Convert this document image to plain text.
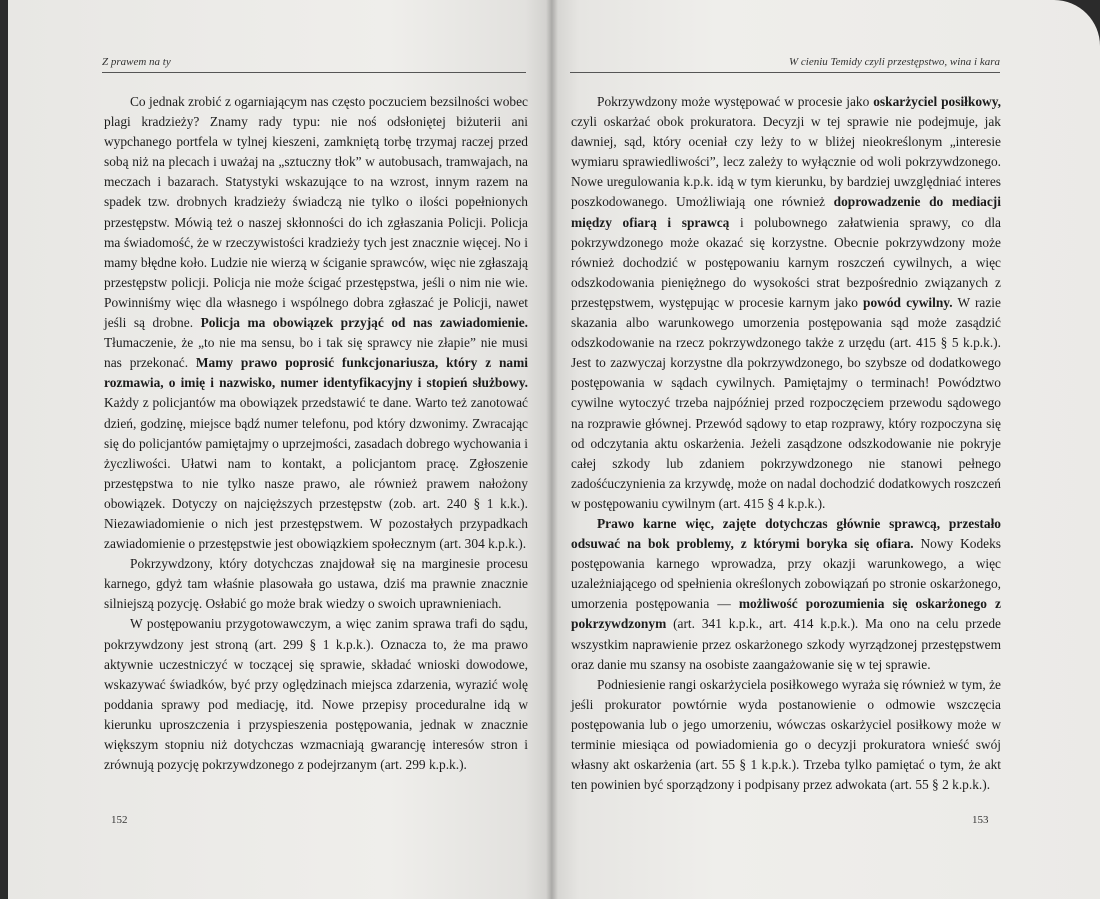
Z prawem na ty

Co jednak zrobić z ogarniającym nas często poczuciem bezsilności wobec plagi kradzieży? Znamy rady typu: nie noś odsłoniętej biżuterii ani wypchanego portfela w tylnej kieszeni, zamkniętą torbę trzymaj raczej przed sobą niż na plecach i uważaj na „sztuczny tłok” w autobusach, tramwajach, na meczach i bazarach. Statystyki wskazujące to na wzrost, innym razem na spadek tzw. drobnych kradzieży świadczą nie tylko o ilości popełnionych przestępstw. Mówią też o naszej skłonności do ich zgłaszania Policji. Policja ma świadomość, że w rzeczywistości kradzieży tych jest znacznie więcej. No i mamy błędne koło. Ludzie nie wierzą w ściganie sprawców, więc nie zgłaszają przestępstw policji. Policja nie może ścigać przestępstwa, jeśli o nim nie wie. Powinniśmy więc dla własnego i wspólnego dobra zgłaszać je Policji, nawet jeśli są drobne. Policja ma obowiązek przyjąć od nas zawiadomienie. Tłumaczenie, że „to nie ma sensu, bo i tak się sprawcy nie złapie” nie musi nas przekonać. Mamy prawo poprosić funkcjonariusza, który z nami rozmawia, o imię i nazwisko, numer identyfikacyjny i stopień służbowy. Każdy z policjantów ma obowiązek przedstawić te dane. Warto też zanotować dzień, godzinę, miejsce bądź numer telefonu, pod który dzwonimy. Zwracając się do policjantów pamiętajmy o uprzejmości, zasadach dobrego wychowania i życzliwości. Ułatwi nam to kontakt, a policjantom pracę. Zgłoszenie przestępstwa to nie tylko nasze prawo, ale również prawem nałożony obowiązek. Dotyczy on najcięższych przestępstw (zob. art. 240 § 1 k.k.). Niezawiadomienie o nich jest przestępstwem. W pozostałych przypadkach zawiadomienie o przestępstwie jest obowiązkiem społecznym (art. 304 k.p.k.).

Pokrzywdzony, który dotychczas znajdował się na marginesie procesu karnego, gdyż tam właśnie plasowała go ustawa, dziś ma prawnie znacznie silniejszą pozycję. Osłabić go może brak wiedzy o swoich uprawnieniach.

W postępowaniu przygotowawczym, a więc zanim sprawa trafi do sądu, pokrzywdzony jest stroną (art. 299 § 1 k.p.k.). Oznacza to, że ma prawo aktywnie uczestniczyć w toczącej się sprawie, składać wnioski dowodowe, wskazywać świadków, być przy oględzinach miejsca zdarzenia, wyrazić wolę poddania sprawy pod mediację, itd. Nowe przepisy proceduralne idą w kierunku uproszczenia i przyspieszenia postępowania, jednak w znacznie większym stopniu niż dotychczas wzmacniają gwarancję interesów stron i zrównują pozycję pokrzywdzonego z podejrzanym (art. 299 k.p.k.).

152
W cieniu Temidy czyli przestępstwo, wina i kara

Pokrzywdzony może występować w procesie jako oskarżyciel posiłkowy, czyli oskarżać obok prokuratora. Decyzji w tej sprawie nie podejmuje, jak dawniej, sąd, który oceniał czy leży to w bliżej nieokreślonym „interesie wymiaru sprawiedliwości”, lecz zależy to wyłącznie od woli pokrzywdzonego. Nowe uregulowania k.p.k. idą w tym kierunku, by bardziej uwzględniać interes poszkodowanego. Umożliwiają one również doprowadzenie do mediacji między ofiarą i sprawcą i polubownego załatwienia sprawy, co dla pokrzywdzonego może okazać się korzystne. Obecnie pokrzywdzony może również dochodzić w postępowaniu karnym roszczeń cywilnych, a więc odszkodowania pieniężnego do wysokości strat bezpośrednio związanych z przestępstwem, występując w procesie karnym jako powód cywilny. W razie skazania albo warunkowego umorzenia postępowania sąd może zasądzić odszkodowanie na rzecz pokrzywdzonego także z urzędu (art. 415 § 5 k.p.k.). Jest to zazwyczaj korzystne dla pokrzywdzonego, bo szybsze od dodatkowego postępowania w sądach cywilnych. Pamiętajmy o terminach! Powództwo cywilne wytoczyć trzeba najpóźniej przed rozpoczęciem przewodu sądowego na rozprawie głównej. Przewód sądowy to etap rozprawy, który rozpoczyna się od odczytania aktu oskarżenia. Jeżeli zasądzone odszkodowanie nie pokryje całej szkody lub zdaniem pokrzywdzonego nie stanowi pełnego zadośćuczynienia za krzywdę, może on nadal dochodzić dodatkowych roszczeń w postępowaniu cywilnym (art. 415 § 4 k.p.k.).

Prawo karne więc, zajęte dotychczas głównie sprawcą, przestało odsuwać na bok problemy, z którymi boryka się ofiara. Nowy Kodeks postępowania karnego wprowadza, przy okazji warunkowego, a więc uzależniającego od spełnienia określonych zobowiązań po stronie oskarżonego, umorzenia postępowania — możliwość porozumienia się oskarżonego z pokrzywdzonym (art. 341 k.p.k., art. 414 k.p.k.). Ma ono na celu przede wszystkim naprawienie przez oskarżonego szkody wyrządzonej przestępstwem oraz danie mu szansy na osobiste zaangażowanie się w tej sprawie.

Podniesienie rangi oskarżyciela posiłkowego wyraża się również w tym, że jeśli prokurator powtórnie wyda postanowienie o odmowie wszczęcia postępowania lub o jego umorzeniu, wówczas oskarżyciel posiłkowy może w terminie miesiąca od powiadomienia go o decyzji prokuratora wnieść swój własny akt oskarżenia (art. 55 § 1 k.p.k.). Trzeba tylko pamiętać o tym, że akt ten powinien być sporządzony i podpisany przez adwokata (art. 55 § 2 k.p.k.).

153
